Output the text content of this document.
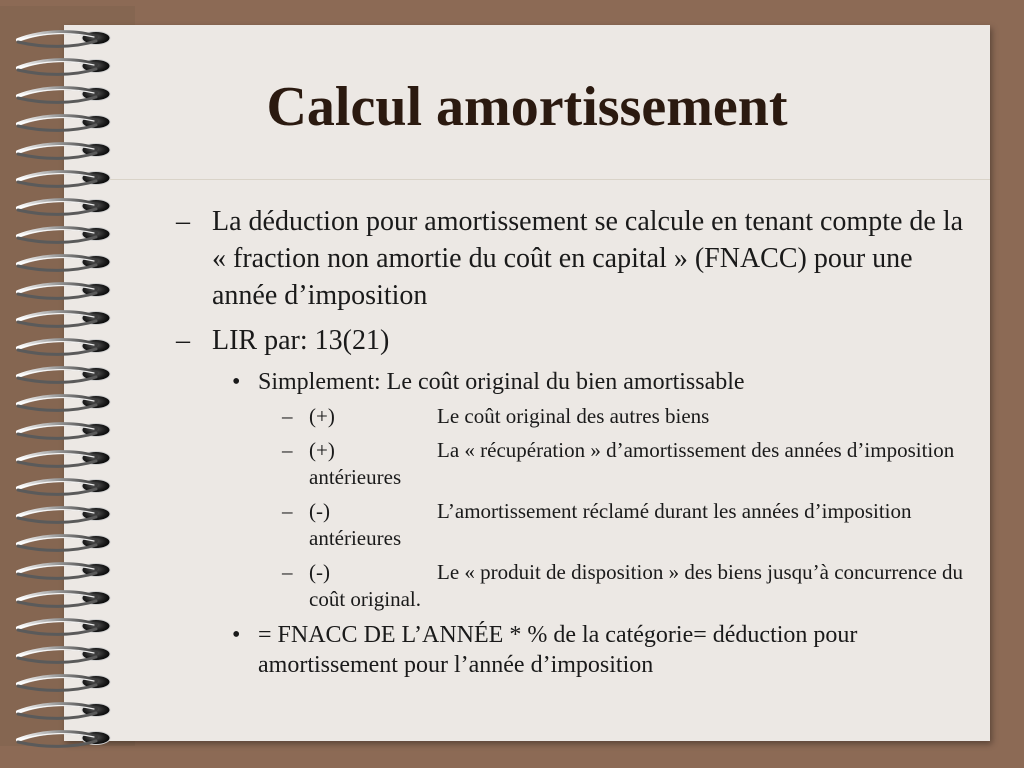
Calcul amortissement

– La déduction pour amortissement se calcule en tenant compte de la « fraction non amortie du coût en capital » (FNACC) pour une année d’imposition

– LIR par: 13(21)

• Simplement: Le coût original du bien amortissable

– (+)	Le coût original des autres biens

– (+)	La « récupération » d’amortissement des années d’imposition antérieures

– (-)	L’amortissement réclamé durant les années d’imposition antérieures

– (-)	Le « produit de disposition » des biens jusqu’à concurrence du coût original.

• = FNACC DE L’ANNÉE * % de la catégorie= déduction pour amortissement pour l’année d’imposition
